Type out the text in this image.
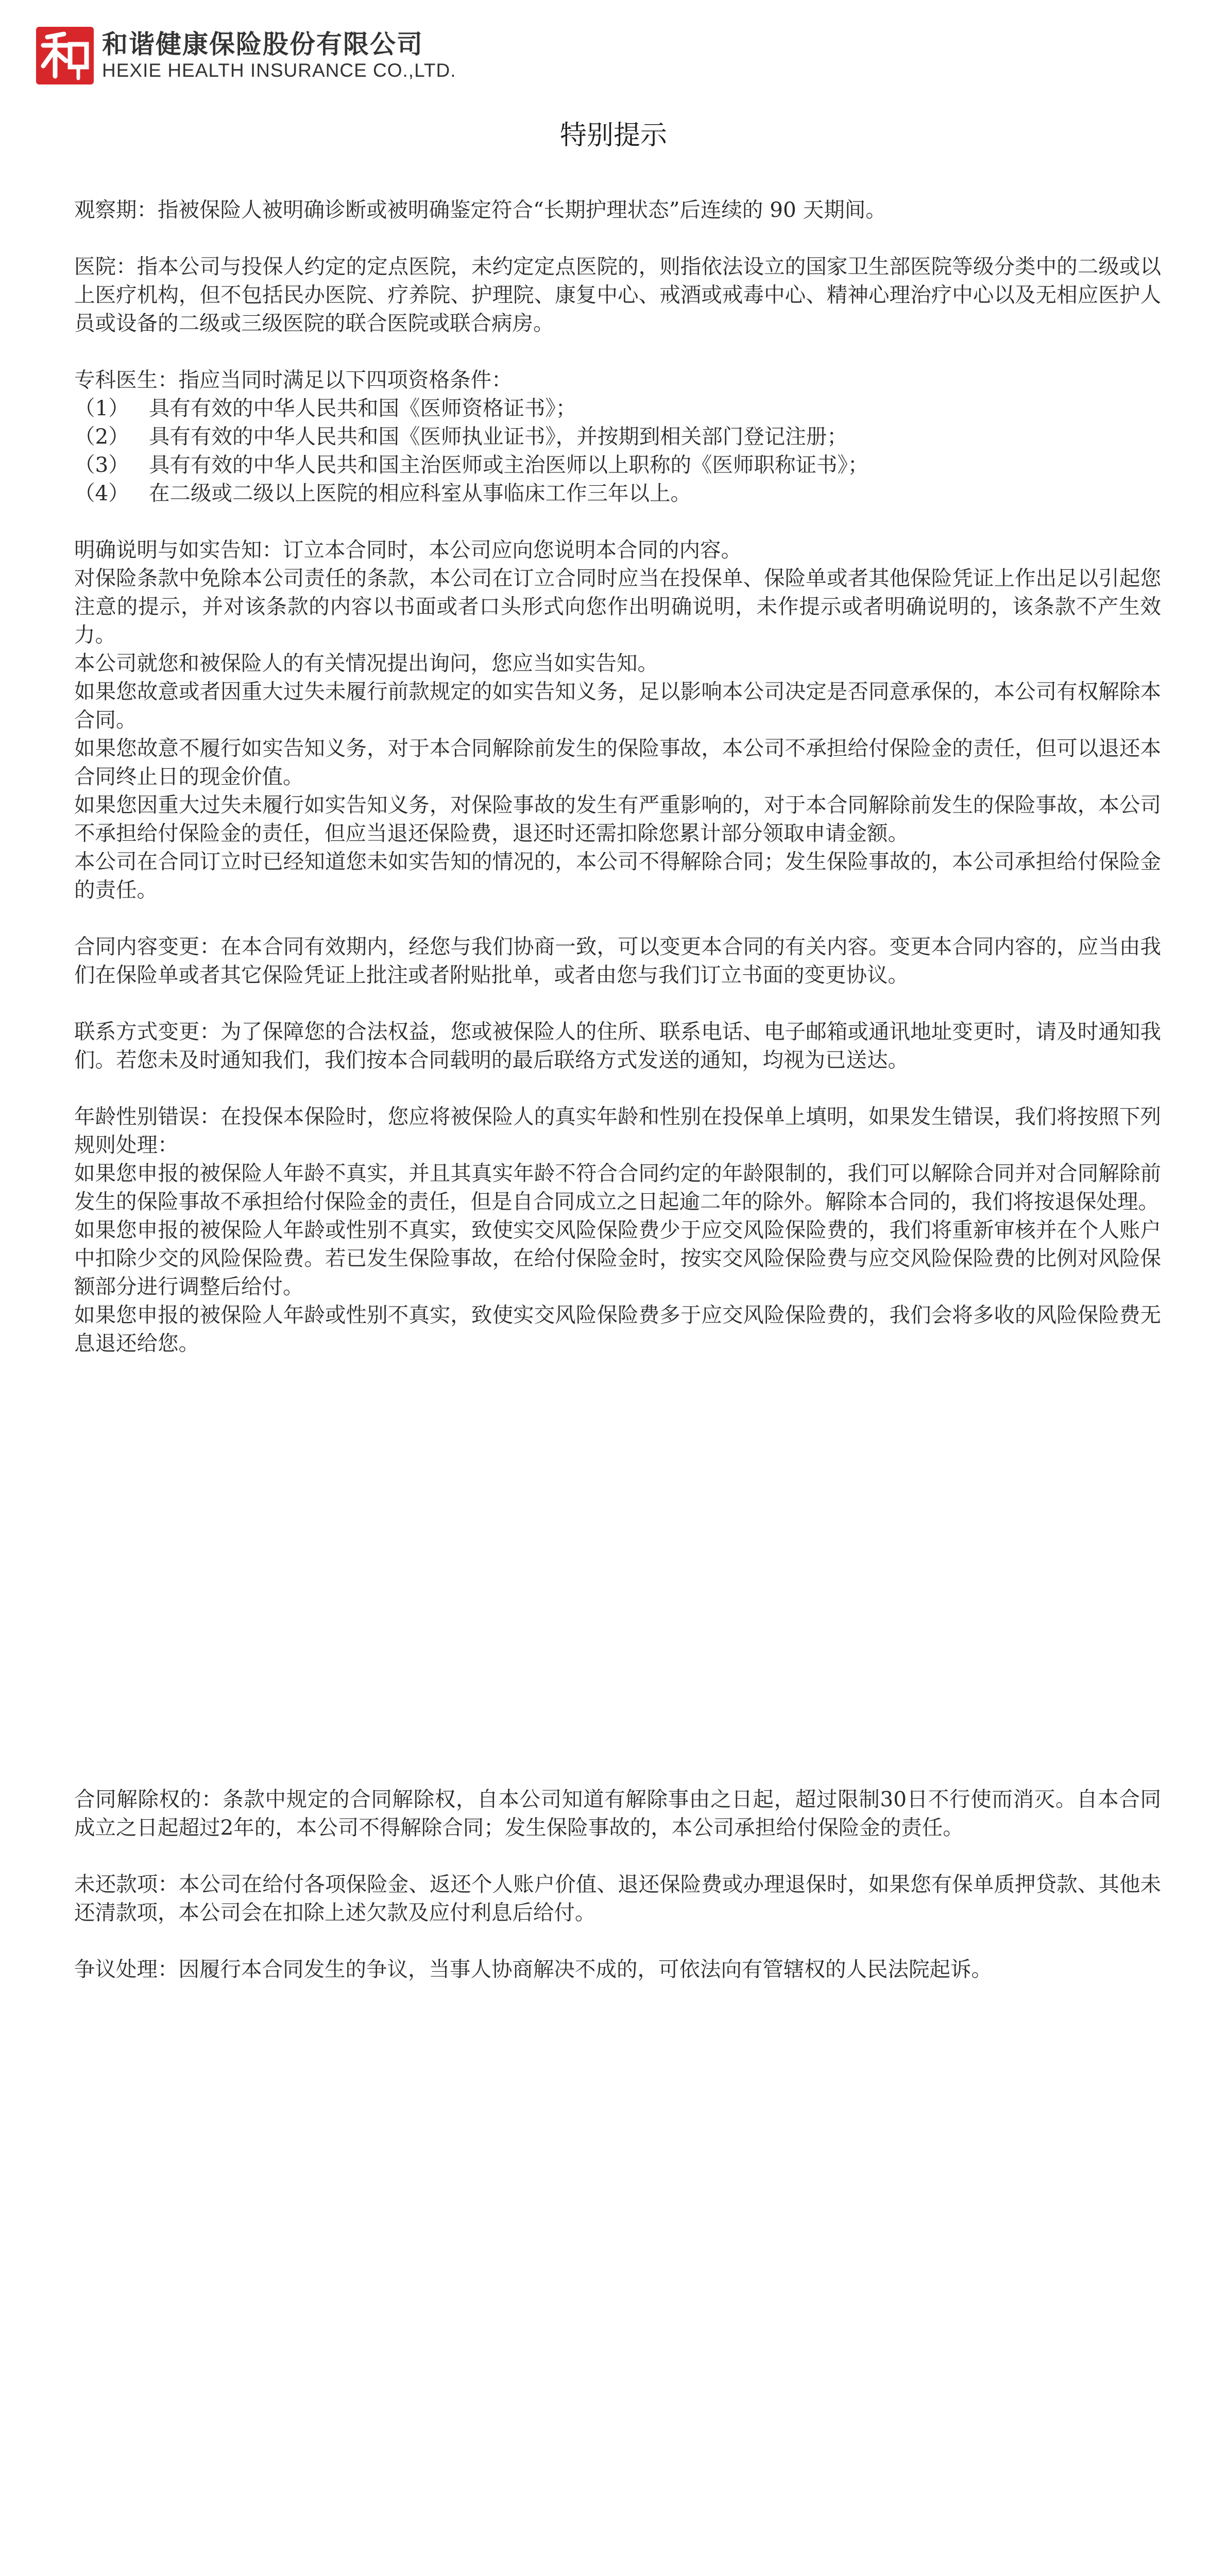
和谐健康保险股份有限公司
HEXIE HEALTH INSURANCE CO.,LTD.
特别提示

观察期：指被保险人被明确诊断或被明确鉴定符合“长期护理状态”后连续的 90 天期间。

医院：指本公司与投保人约定的定点医院，未约定定点医院的，则指依法设立的国家卫生部医院等级分类中的二级或以上医疗机构，但不包括民办医院、疗养院、护理院、康复中心、戒酒或戒毒中心、精神心理治疗中心以及无相应医护人员或设备的二级或三级医院的联合医院或联合病房。

专科医生：指应当同时满足以下四项资格条件：
（1） 具有有效的中华人民共和国《医师资格证书》；
（2） 具有有效的中华人民共和国《医师执业证书》，并按期到相关部门登记注册；
（3） 具有有效的中华人民共和国主治医师或主治医师以上职称的《医师职称证书》；
（4） 在二级或二级以上医院的相应科室从事临床工作三年以上。
明确说明与如实告知：订立本合同时，本公司应向您说明本合同的内容。
对保险条款中免除本公司责任的条款，本公司在订立合同时应当在投保单、保险单或者其他保险凭证上作出足以引起您注意的提示，并对该条款的内容以书面或者口头形式向您作出明确说明，未作提示或者明确说明的，该条款不产生效力。
本公司就您和被保险人的有关情况提出询问，您应当如实告知。
如果您故意或者因重大过失未履行前款规定的如实告知义务，足以影响本公司决定是否同意承保的，本公司有权解除本合同。
如果您故意不履行如实告知义务，对于本合同解除前发生的保险事故，本公司不承担给付保险金的责任，但可以退还本合同终止日的现金价值。
如果您因重大过失未履行如实告知义务，对保险事故的发生有严重影响的，对于本合同解除前发生的保险事故，本公司不承担给付保险金的责任，但应当退还保险费，退还时还需扣除您累计部分领取申请金额。
本公司在合同订立时已经知道您未如实告知的情况的，本公司不得解除合同；发生保险事故的，本公司承担给付保险金的责任。

合同内容变更：在本合同有效期内，经您与我们协商一致，可以变更本合同的有关内容。变更本合同内容的，应当由我们在保险单或者其它保险凭证上批注或者附贴批单，或者由您与我们订立书面的变更协议。

联系方式变更：为了保障您的合法权益，您或被保险人的住所、联系电话、电子邮箱或通讯地址变更时，请及时通知我们。若您未及时通知我们，我们按本合同载明的最后联络方式发送的通知，均视为已送达。

年龄性别错误：在投保本保险时，您应将被保险人的真实年龄和性别在投保单上填明，如果发生错误，我们将按照下列规则处理：
如果您申报的被保险人年龄不真实，并且其真实年龄不符合合同约定的年龄限制的，我们可以解除合同并对合同解除前发生的保险事故不承担给付保险金的责任，但是自合同成立之日起逾二年的除外。解除本合同的，我们将按退保处理。
如果您申报的被保险人年龄或性别不真实，致使实交风险保险费少于应交风险保险费的，我们将重新审核并在个人账户中扣除少交的风险保险费。若已发生保险事故，在给付保险金时，按实交风险保险费与应交风险保险费的比例对风险保额部分进行调整后给付。
如果您申报的被保险人年龄或性别不真实，致使实交风险保险费多于应交风险保险费的，我们会将多收的风险保险费无息退还给您。

合同解除权的：条款中规定的合同解除权，自本公司知道有解除事由之日起，超过限制30日不行使而消灭。自本合同成立之日起超过2年的，本公司不得解除合同；发生保险事故的，本公司承担给付保险金的责任。

未还款项：本公司在给付各项保险金、返还个人账户价值、退还保险费或办理退保时，如果您有保单质押贷款、其他未还清款项，本公司会在扣除上述欠款及应付利息后给付。

争议处理：因履行本合同发生的争议，当事人协商解决不成的，可依法向有管辖权的人民法院起诉。
